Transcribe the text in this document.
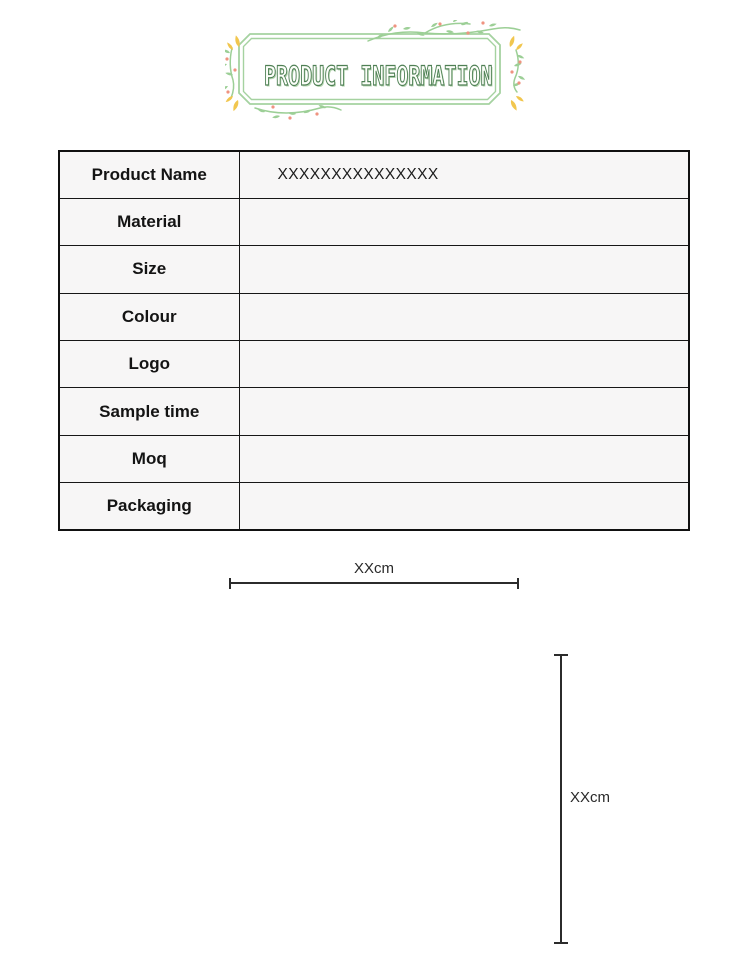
PRODUCT INFORMATION
Product Name	XXXXXXXXXXXXXXX
Material	
Size	
Colour	
Logo	
Sample time	
Moq	
Packaging	
XXcm
XXcm
